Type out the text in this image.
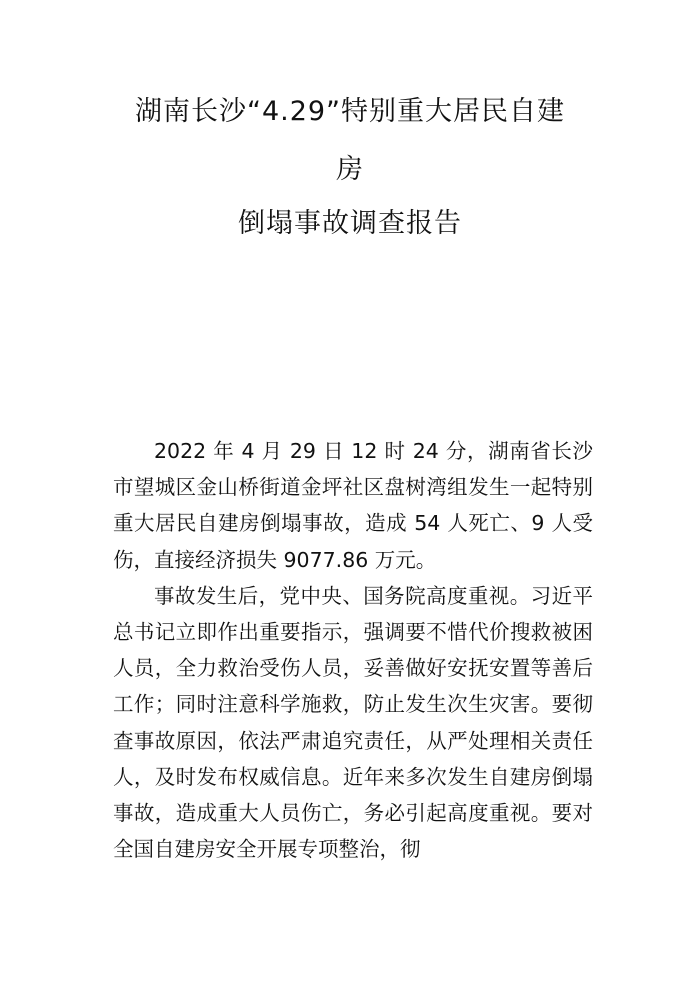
湖南长沙“4.29”特别重大居民自建
房
倒塌事故调查报告

2022 年 4 月 29 日 12 时 24 分，湖南省长沙市望城区金山桥街道金坪社区盘树湾组发生一起特别重大居民自建房倒塌事故，造成 54 人死亡、9 人受伤，直接经济损失 9077.86 万元。

事故发生后，党中央、国务院高度重视。习近平总书记立即作出重要指示，强调要不惜代价搜救被困人员，全力救治受伤人员，妥善做好安抚安置等善后工作；同时注意科学施救，防止发生次生灾害。要彻查事故原因，依法严肃追究责任，从严处理相关责任人，及时发布权威信息。近年来多次发生自建房倒塌事故，造成重大人员伤亡，务必引起高度重视。要对全国自建房安全开展专项整治，彻
